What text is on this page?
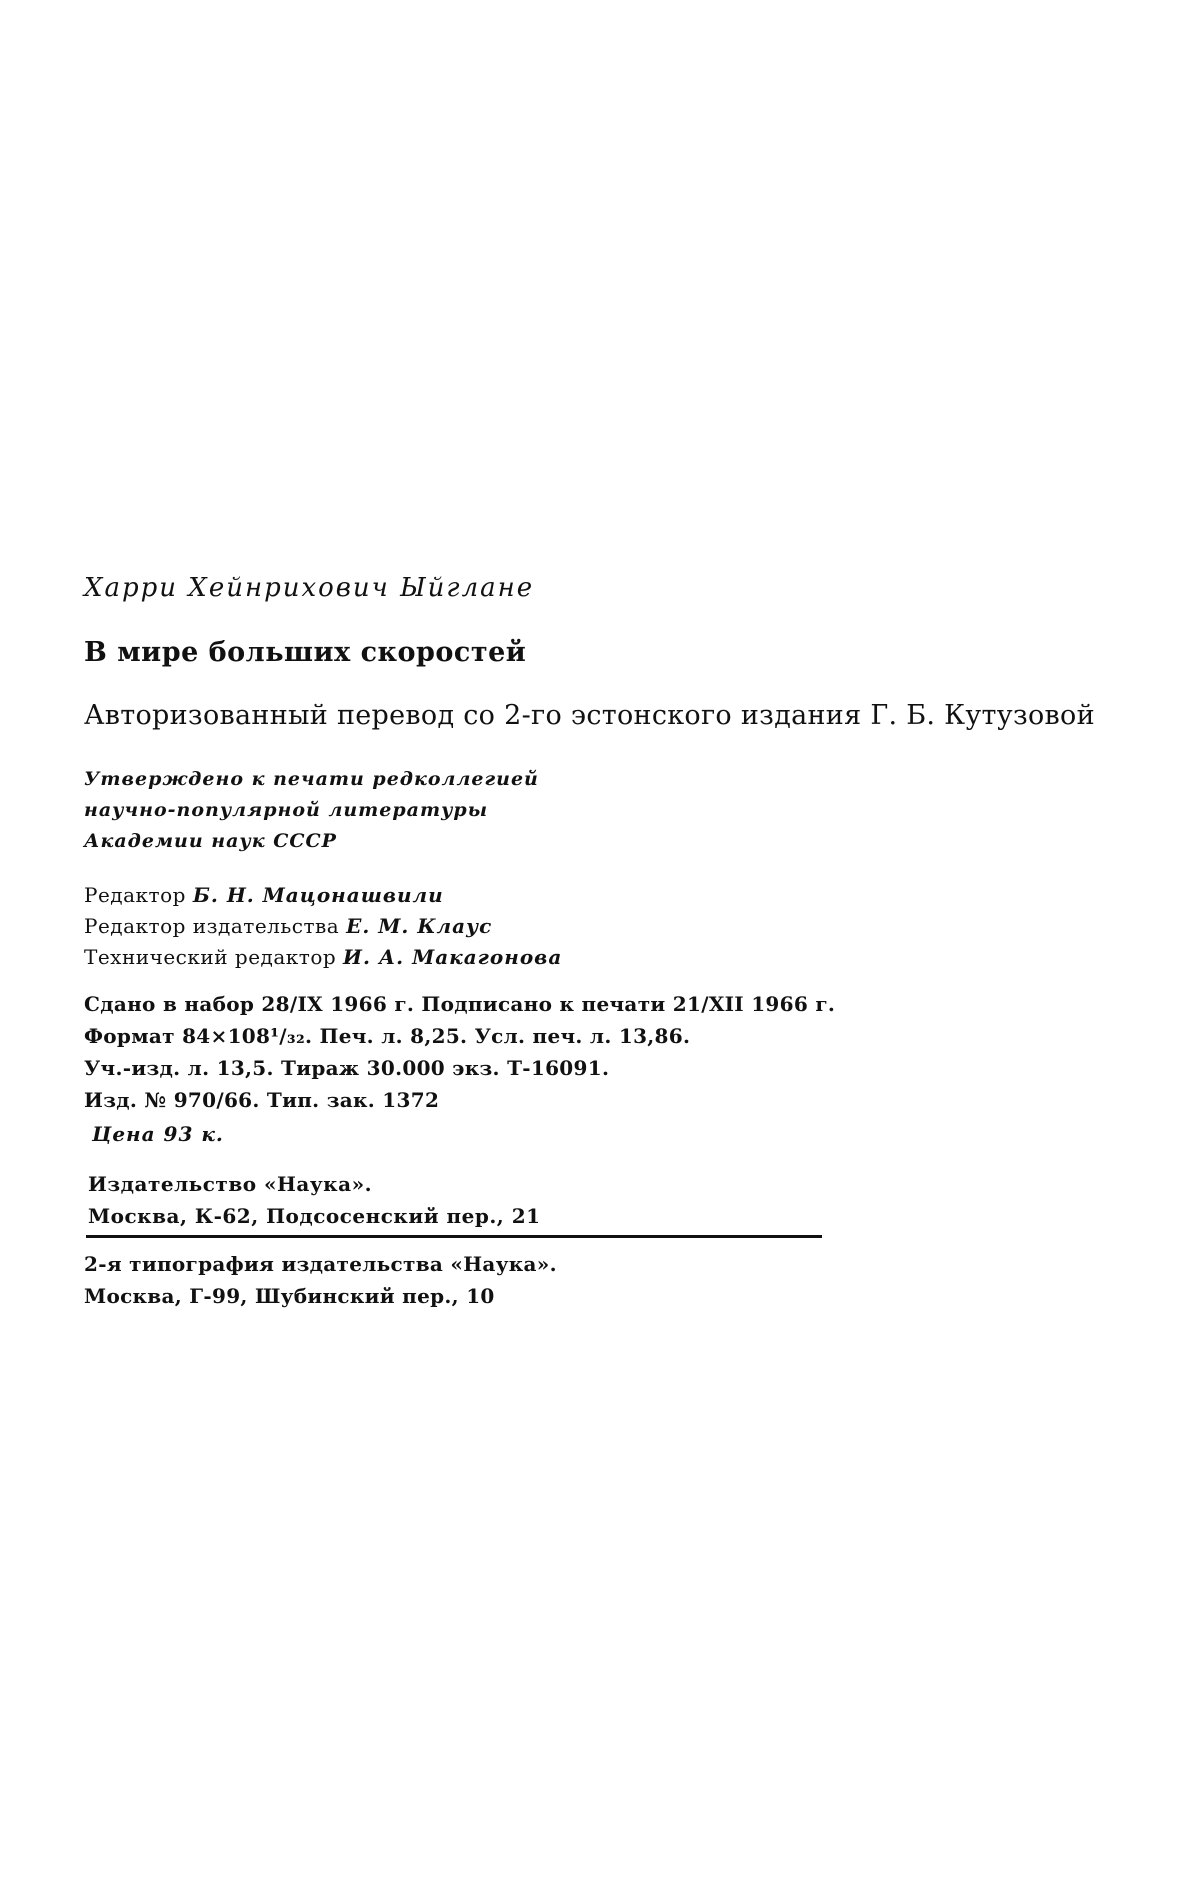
Харри Хейнрихович Ыйглане
В мире больших скоростей
Авторизованный перевод со 2-го эстонского издания Г. Б. Кутузовой
Утверждено к печати редколлегией
научно-популярной литературы
Академии наук СССР
Редактор Б. Н. Мацонашвили
Редактор издательства Е. М. Клаус
Технический редактор И. А. Макагонова
Сдано в набор 28/IX 1966 г. Подписано к печати 21/XII 1966 г.
Формат 84×108¹/₃₂. Печ. л. 8,25. Усл. печ. л. 13,86.
Уч.-изд. л. 13,5. Тираж 30.000 экз. Т-16091.
Изд. № 970/66. Тип. зак. 1372
Цена 93 к.
Издательство «Наука».
Москва, К-62, Подсосенский пер., 21
2-я типография издательства «Наука».
Москва, Г-99, Шубинский пер., 10
